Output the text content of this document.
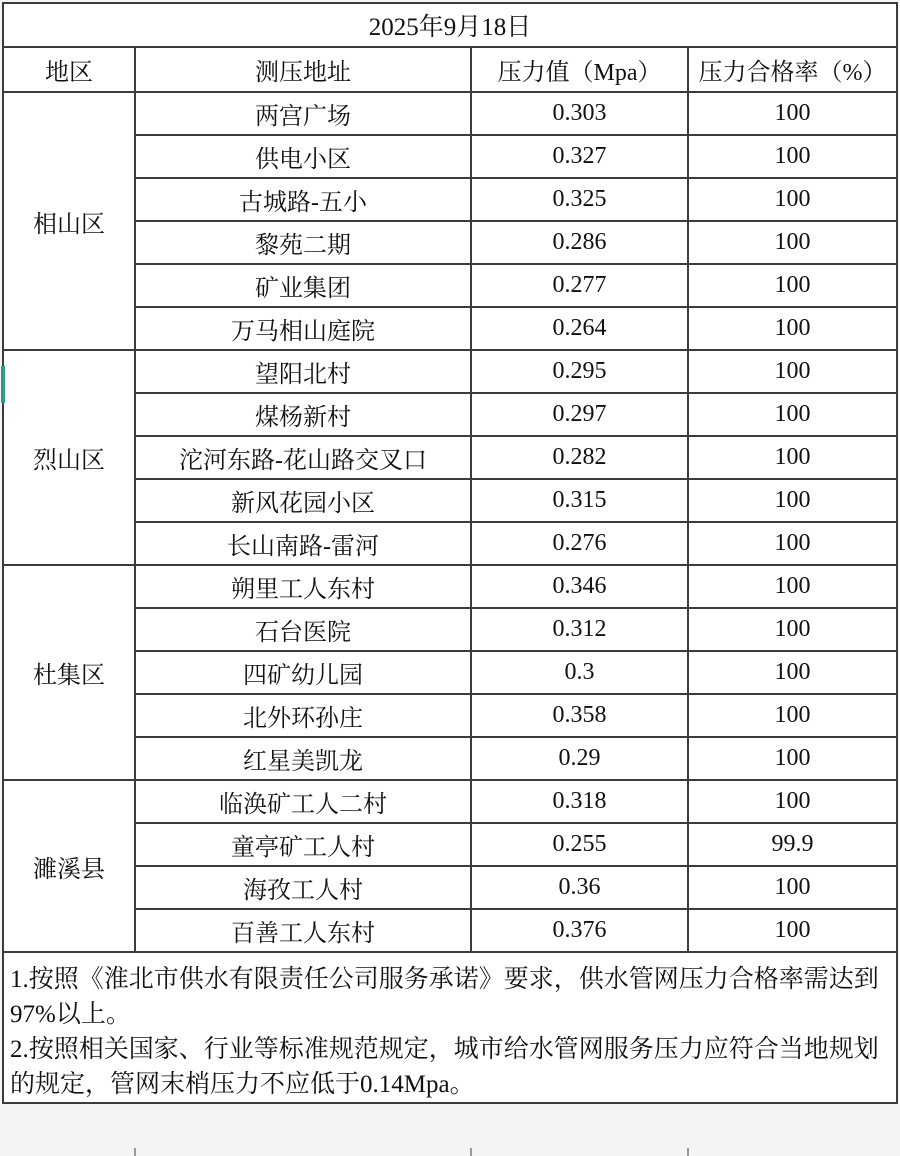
2025年9月18日			
地区	测压地址	压力值（Mpa）	压力合格率（%）
相山区	两宫广场	0.303	100
	供电小区	0.327	100
	古城路-五小	0.325	100
	黎苑二期	0.286	100
	矿业集团	0.277	100
	万马相山庭院	0.264	100
烈山区	望阳北村	0.295	100
	煤杨新村	0.297	100
	沱河东路-花山路交叉口	0.282	100
	新风花园小区	0.315	100
	长山南路-雷河	0.276	100
杜集区	朔里工人东村	0.346	100
	石台医院	0.312	100
	四矿幼儿园	0.3	100
	北外环孙庄	0.358	100
	红星美凯龙	0.29	100
濉溪县	临涣矿工人二村	0.318	100
	童亭矿工人村	0.255	99.9
	海孜工人村	0.36	100
	百善工人东村	0.376	100

1.按照《淮北市供水有限责任公司服务承诺》要求，供水管网压力合格率需达到97%以上。
2.按照相关国家、行业等标准规范规定，城市给水管网服务压力应符合当地规划的规定，管网末梢压力不应低于0.14Mpa。			
